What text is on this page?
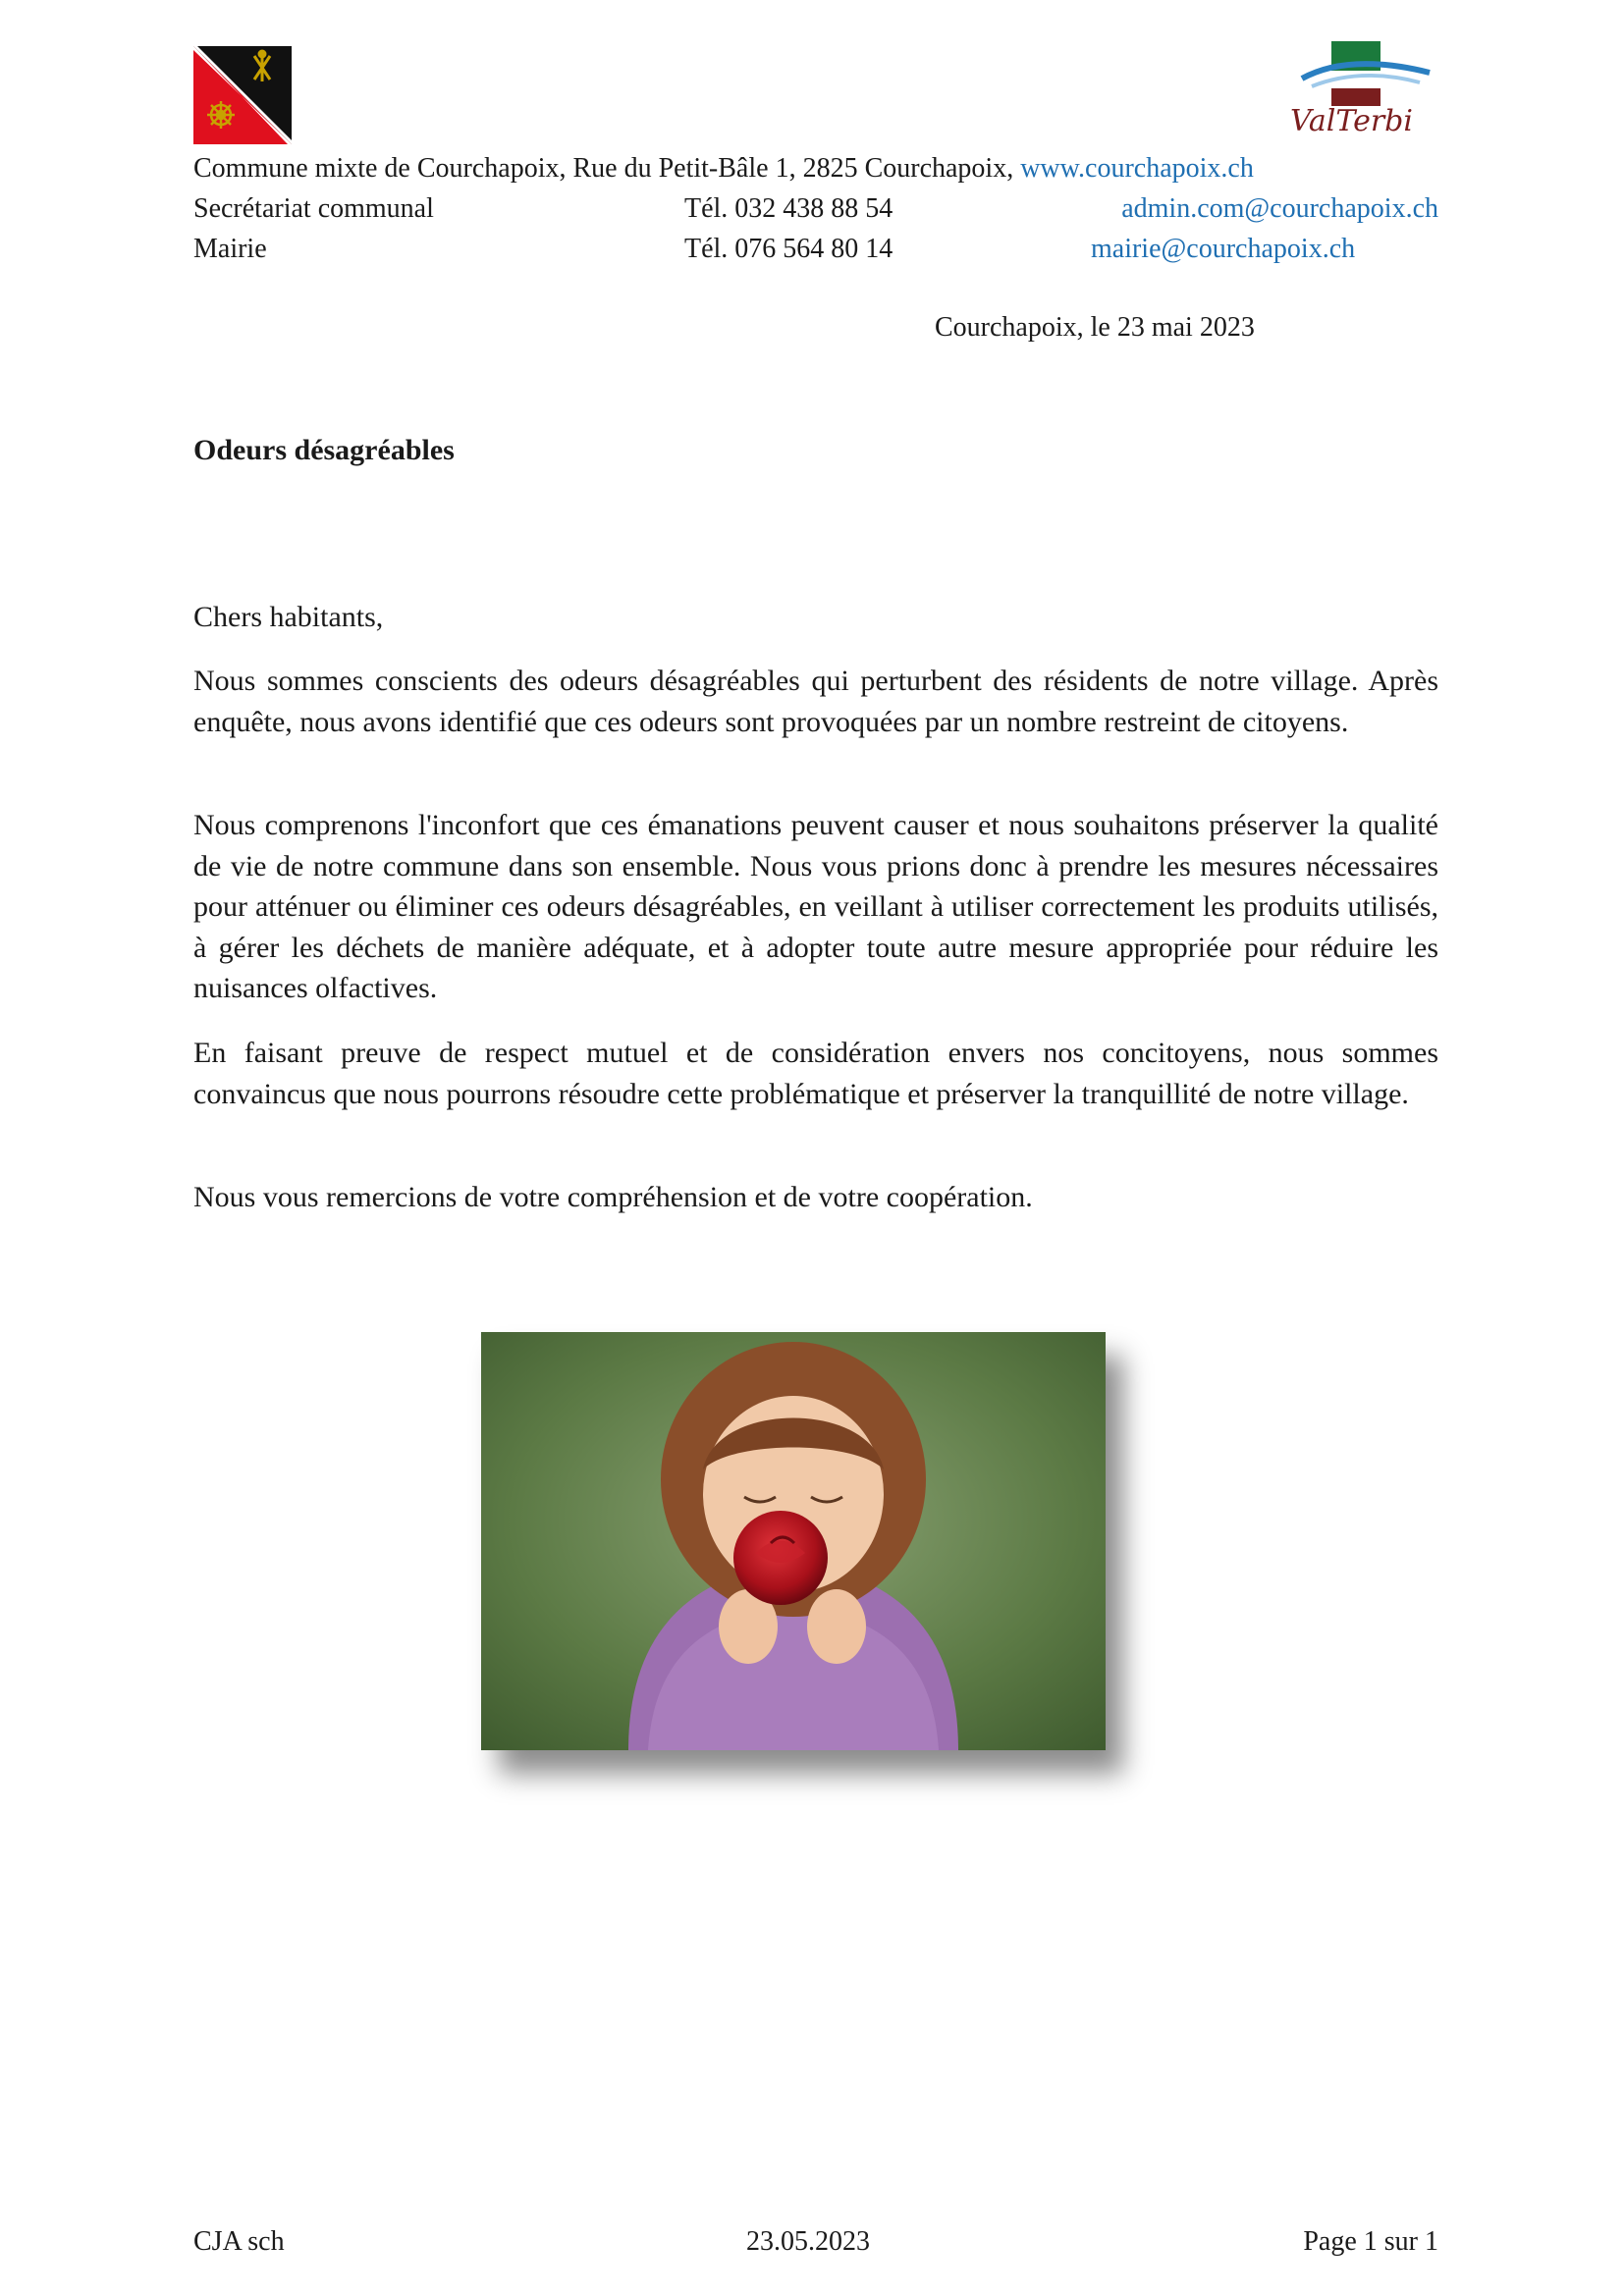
ValTerbi
Commune mixte de Courchapoix, Rue du Petit-Bâle 1, 2825 Courchapoix, www.courchapoix.ch
Secrétariat communal	Tél. 032 438 88 54	admin.com@courchapoix.ch
Mairie	Tél. 076 564 80 14	mairie@courchapoix.ch
Courchapoix, le 23 mai 2023
Odeurs désagréables

Chers habitants,

Nous sommes conscients des odeurs désagréables qui perturbent des résidents de notre village. Après enquête, nous avons identifié que ces odeurs sont provoquées par un nombre restreint de citoyens.

Nous comprenons l'inconfort que ces émanations peuvent causer et nous souhaitons préserver la qualité de vie de notre commune dans son ensemble. Nous vous prions donc à prendre les mesures nécessaires pour atténuer ou éliminer ces odeurs désagréables, en veillant à utiliser correctement les produits utilisés, à gérer les déchets de manière adéquate, et à adopter toute autre mesure appropriée pour réduire les nuisances olfactives.

En faisant preuve de respect mutuel et de considération envers nos concitoyens, nous sommes convaincus que nous pourrons résoudre cette problématique et préserver la tranquillité de notre village.

Nous vous remercions de votre compréhension et de votre coopération.

CJA sch	23.05.2023	Page 1 sur 1
